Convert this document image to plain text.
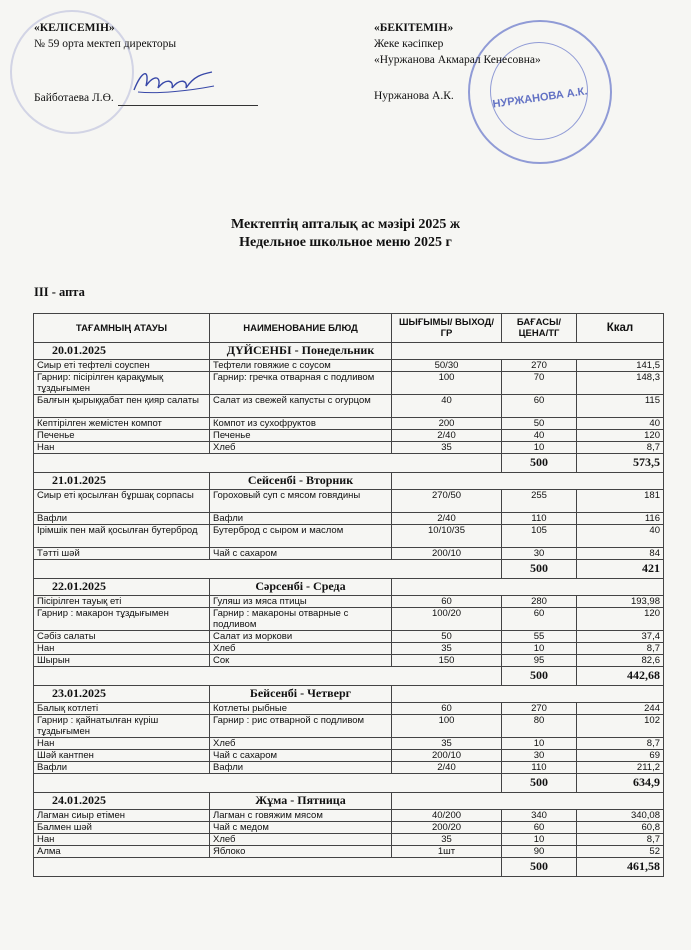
«КЕЛІСЕМІН»
№ 59 орта мектеп директоры
Байботаева Л.Ө.	НУРЖАНОВА А.К.
«БЕКІТЕМІН»
Жеке кәсіпкер
«Нуржанова Акмарал Кенесовна»
Нуржанова А.К.
Мектептің апталық ас мәзірі 2025 ж
Недельное школьное меню 2025 г
III - апта
ТАҒАМНЫҢ АТАУЫ	НАИМЕНОВАНИЕ БЛЮД	ШЫҒЫМЫ/ ВЫХОД/ГР	БАҒАСЫ/ ЦЕНА/ТГ	Ккал
20.01.2025	ДҮЙСЕНБІ - Понедельник			
Сиыр еті тефтелі соуспен	Тефтели говяжие с соусом	50/30	270	141,5
Гарнир: пісірілген қарақұмық тұздығымен	Гарнир: гречка отварная с подливом	100	70	148,3
Балғын қырыққабат пен қияр салаты	Салат из свежей капусты с огурцом	40	60	115
Кептірілген жемістен компот	Компот из сухофруктов	200	50	40
Печенье	Печенье	2/40	40	120
Нан	Хлеб	35	10	8,7
			500	573,5
21.01.2025	Сейсенбі - Вторник			
Сиыр еті қосылған бұршақ сорпасы	Гороховый суп с мясом говядины	270/50	255	181
Вафли	Вафли	2/40	110	116
Ірімшік пен май қосылған бутерброд	Бутерброд с сыром и маслом	10/10/35	105	40
Тәтті шәй	Чай с сахаром	200/10	30	84
			500	421
22.01.2025	Сәрсенбі - Среда			
Пісірілген тауық еті	Гуляш из мяса птицы	60	280	193,98
Гарнир : макарон тұздығымен	Гарнир : макароны отварные с подливом	100/20	60	120
Сәбіз салаты	Салат из моркови	50	55	37,4
Нан	Хлеб	35	10	8,7
Шырын	Сок	150	95	82,6
			500	442,68
23.01.2025	Бейсенбі - Четверг			
Балық котлеті	Котлеты рыбные	60	270	244
Гарнир : қайнатылған күріш тұздығымен	Гарнир : рис отварной с подливом	100	80	102
Нан	Хлеб	35	10	8,7
Шәй кантпен	Чай с сахаром	200/10	30	69
Вафли	Вафли	2/40	110	211,2
			500	634,9
24.01.2025	Жұма - Пятница			
Лагман сиыр етімен	Лагман с говяжим мясом	40/200	340	340,08
Балмен шәй	Чай с медом	200/20	60	60,8
Нан	Хлеб	35	10	8,7
Алма	Яблоко	1шт	90	52
			500	461,58
